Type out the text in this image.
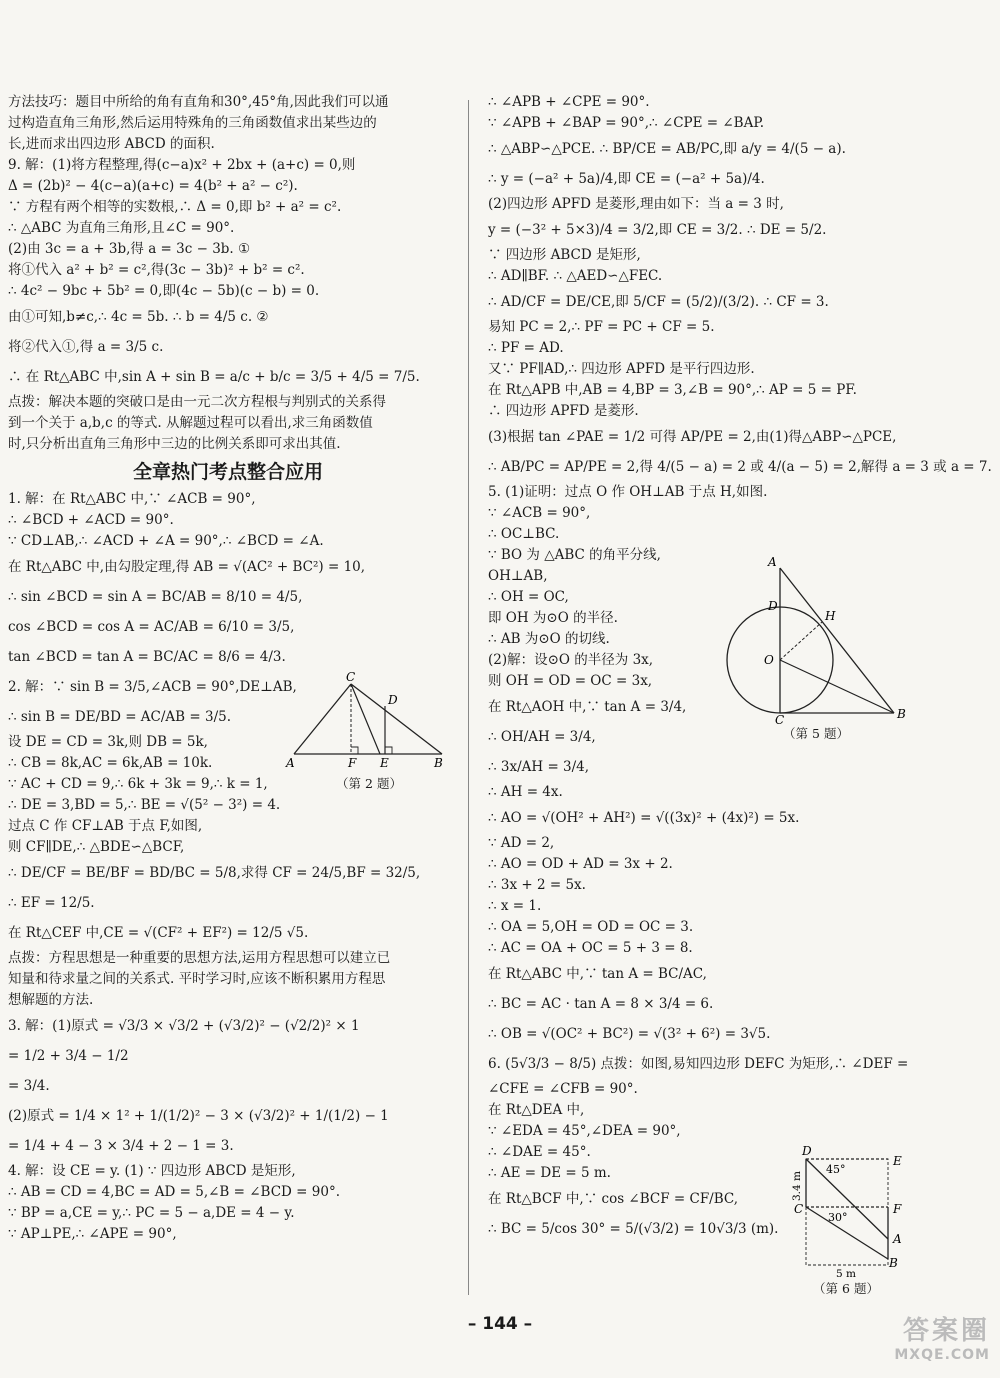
方法技巧：题目中所给的角有直角和30°,45°角,因此我们可以通
过构造直角三角形,然后运用特殊角的三角函数值求出某些边的
长,进而求出四边形 ABCD 的面积.
9. 解：(1)将方程整理,得(c−a)x² + 2bx + (a+c) = 0,则
Δ = (2b)² − 4(c−a)(a+c) = 4(b² + a² − c²).
∵ 方程有两个相等的实数根,∴ Δ = 0,即 b² + a² = c².
∴ △ABC 为直角三角形,且∠C = 90°.
(2)由 3c = a + 3b,得 a = 3c − 3b. ①
将①代入 a² + b² = c²,得(3c − 3b)² + b² = c².
∴ 4c² − 9bc + 5b² = 0,即(4c − 5b)(c − b) = 0.
由①可知,b≠c,∴ 4c = 5b. ∴ b = 4/5 c. ②
将②代入①,得 a = 3/5 c.
∴ 在 Rt△ABC 中,sin A + sin B = a/c + b/c = 3/5 + 4/5 = 7/5.
点拨：解决本题的突破口是由一元二次方程根与判别式的关系得
到一个关于 a,b,c 的等式. 从解题过程可以看出,求三角函数值
时,只分析出直角三角形中三边的比例关系即可求出其值.
全章热门考点整合应用
1. 解：在 Rt△ABC 中,∵ ∠ACB = 90°,
∴ ∠BCD + ∠ACD = 90°.
∵ CD⊥AB,∴ ∠ACD + ∠A = 90°,∴ ∠BCD = ∠A.
在 Rt△ABC 中,由勾股定理,得 AB = √(AC² + BC²) = 10,
∴ sin ∠BCD = sin A = BC/AB = 8/10 = 4/5,
cos ∠BCD = cos A = AC/AB = 6/10 = 3/5,
tan ∠BCD = tan A = BC/AC = 8/6 = 4/3.
2. 解：∵ sin B = 3/5,∠ACB = 90°,DE⊥AB,
∴ sin B = DE/BD = AC/AB = 3/5.
设 DE = CD = 3k,则 DB = 5k,
∴ CB = 8k,AC = 6k,AB = 10k.
∵ AC + CD = 9,∴ 6k + 3k = 9,∴ k = 1,
∴ DE = 3,BD = 5,∴ BE = √(5² − 3²) = 4.
过点 C 作 CF⊥AB 于点 F,如图,
则 CF∥DE,∴ △BDE∽△BCF,
∴ DE/CF = BE/BF = BD/BC = 5/8,求得 CF = 24/5,BF = 32/5,
∴ EF = 12/5.
在 Rt△CEF 中,CE = √(CF² + EF²) = 12/5 √5.
点拨：方程思想是一种重要的思想方法,运用方程思想可以建立已
知量和待求量之间的关系式. 平时学习时,应该不断积累用方程思
想解题的方法.
3. 解：(1)原式 = √3/3 × √3/2 + (√3/2)² − (√2/2)² × 1
= 1/2 + 3/4 − 1/2
= 3/4.
(2)原式 = 1/4 × 1² + 1/(1/2)² − 3 × (√3/2)² + 1/(1/2) − 1
= 1/4 + 4 − 3 × 3/4 + 2 − 1 = 3.
4. 解：设 CE = y. (1) ∵ 四边形 ABCD 是矩形,
∴ AB = CD = 4,BC = AD = 5,∠B = ∠BCD = 90°.
∵ BP = a,CE = y,∴ PC = 5 − a,DE = 4 − y.
∵ AP⊥PE,∴ ∠APE = 90°,
∴ ∠APB + ∠CPE = 90°.
∵ ∠APB + ∠BAP = 90°,∴ ∠CPE = ∠BAP.
∴ △ABP∽△PCE. ∴ BP/CE = AB/PC,即 a/y = 4/(5 − a).
∴ y = (−a² + 5a)/4,即 CE = (−a² + 5a)/4.
(2)四边形 APFD 是菱形,理由如下：当 a = 3 时,
y = (−3² + 5×3)/4 = 3/2,即 CE = 3/2. ∴ DE = 5/2.
∵ 四边形 ABCD 是矩形,
∴ AD∥BF. ∴ △AED∽△FEC.
∴ AD/CF = DE/CE,即 5/CF = (5/2)/(3/2). ∴ CF = 3.
易知 PC = 2,∴ PF = PC + CF = 5.
∴ PF = AD.
又∵ PF∥AD,∴ 四边形 APFD 是平行四边形.
在 Rt△APB 中,AB = 4,BP = 3,∠B = 90°,∴ AP = 5 = PF.
∴ 四边形 APFD 是菱形.
(3)根据 tan ∠PAE = 1/2 可得 AP/PE = 2,由(1)得△ABP∽△PCE,
∴ AB/PC = AP/PE = 2,得 4/(5 − a) = 2 或 4/(a − 5) = 2,解得 a = 3 或 a = 7.
5. (1)证明：过点 O 作 OH⊥AB 于点 H,如图.
∵ ∠ACB = 90°,
∴ OC⊥BC.
∵ BO 为 △ABC 的角平分线,
OH⊥AB,
∴ OH = OC,
即 OH 为⊙O 的半径.
∴ AB 为⊙O 的切线.
(2)解：设⊙O 的半径为 3x,
则 OH = OD = OC = 3x,
在 Rt△AOH 中,∵ tan A = 3/4,
∴ OH/AH = 3/4,
∴ 3x/AH = 3/4,
∴ AH = 4x.
∴ AO = √(OH² + AH²) = √((3x)² + (4x)²) = 5x.
∵ AD = 2,
∴ AO = OD + AD = 3x + 2.
∴ 3x + 2 = 5x.
∴ x = 1.
∴ OA = 5,OH = OD = OC = 3.
∴ AC = OA + OC = 5 + 3 = 8.
在 Rt△ABC 中,∵ tan A = BC/AC,
∴ BC = AC · tan A = 8 × 3/4 = 6.
∴ OB = √(OC² + BC²) = √(3² + 6²) = 3√5.
6. (5√3/3 − 8/5) 点拨：如图,易知四边形 DEFC 为矩形,∴ ∠DEF =
∠CFE = ∠CFB = 90°.
在 Rt△DEA 中,
∵ ∠EDA = 45°,∠DEA = 90°,
∴ ∠DAE = 45°.
∴ AE = DE = 5 m.
在 Rt△BCF 中,∵ cos ∠BCF = CF/BC,
∴ BC = 5/cos 30° = 5/(√3/2) = 10√3/3 (m).
C
D
A	F E	B
（第 2 题）
A
D
H
O
C	B
（第 5 题）
D
E
C	F
A
B
45°
30°
3.4 m
5 m
（第 6 题）
– 144 –	答案圈
MXQE.COM
